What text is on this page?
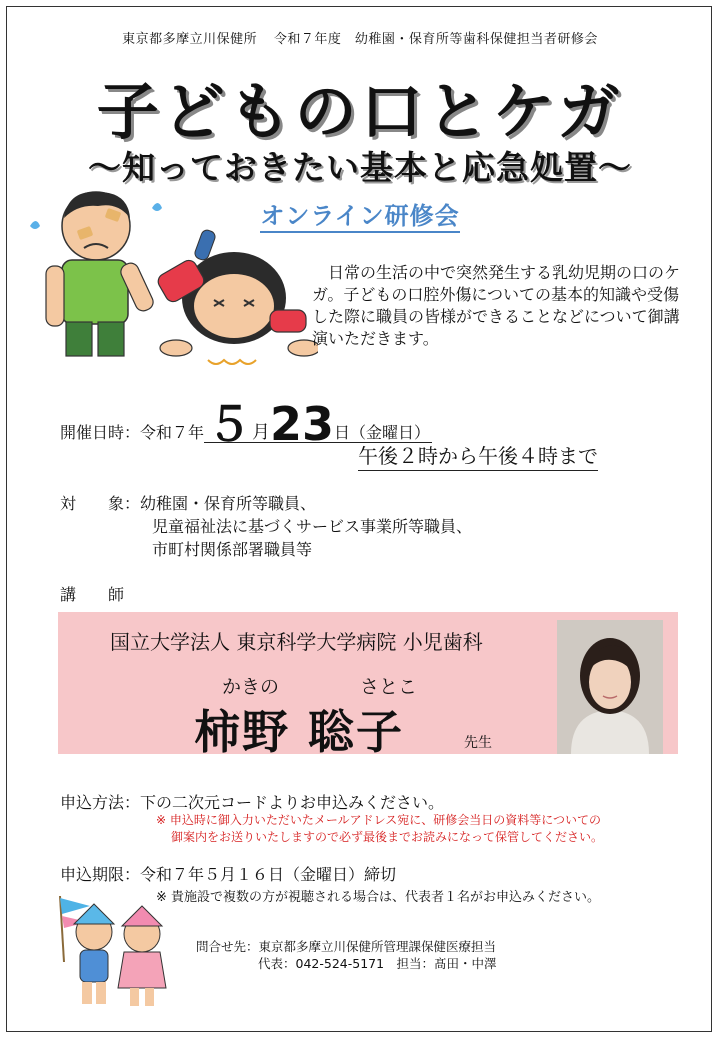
東京都多摩立川保健所 令和７年度　幼稚園・保育所等歯科保健担当者研修会
子どもの口とケガ
～知っておきたい基本と応急処置～
オンライン研修会
　日常の生活の中で突然発生する乳幼児期の口のケガ。子どもの口腔外傷についての基本的知識や受傷した際に職員の皆様ができることなどについて御講演いただきます。
開催日時：令和７年５月23日（金曜日）
午後２時から午後４時まで
対　　象：幼稚園・保育所等職員、
児童福祉法に基づくサービス事業所等職員、
市町村関係部署職員等
講　　師
国立大学法人 東京科学大学病院 小児歯科
かきの	さとこ
柿野 聡子	先生
申込方法：下の二次元コードよりお申込みください。
※ 申込時に御入力いただいたメールアドレス宛に、研修会当日の資料等についての
御案内をお送りいたしますので必ず最後までお読みになって保管してください。
申込期限：令和７年５月１６日（金曜日）締切
※ 貴施設で複数の方が視聴される場合は、代表者１名がお申込みください。
問合せ先：東京都多摩立川保健所管理課保健医療担当
代表：042-524-5171　担当：髙田・中澤
